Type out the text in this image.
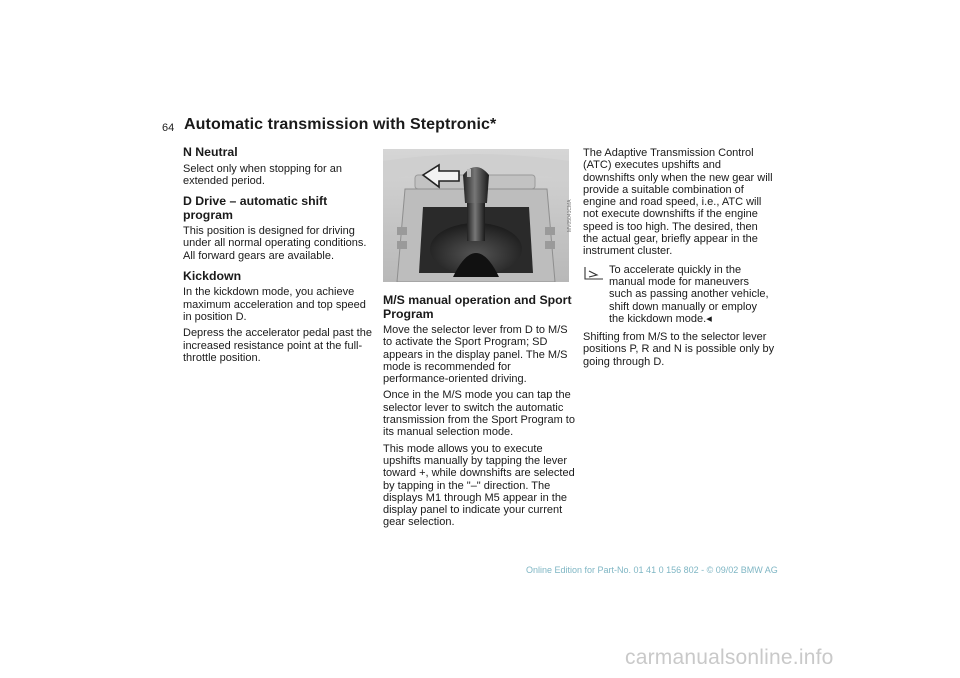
64 Automatic transmission with Steptronic*
N Neutral

Select only when stopping for an extended period.

D Drive – automatic shift program

This position is designed for driving under all normal operating conditions. All forward gears are available.

Kickdown

In the kickdown mode, you achieve maximum acceleration and top speed in position D.

Depress the accelerator pedal past the increased resistance point at the full-throttle position.

MV05041CMA
M/S manual operation and Sport Program

Move the selector lever from D to M/S to activate the Sport Program; SD appears in the display panel. The M/S mode is recommended for performance-oriented driving.

Once in the M/S mode you can tap the selector lever to switch the automatic transmission from the Sport Program to its manual selection mode.

This mode allows you to execute upshifts manually by tapping the lever toward +, while downshifts are selected by tapping in the "–" direction. The displays M1 through M5 appear in the display panel to indicate your current gear selection.

The Adaptive Transmission Control (ATC) executes upshifts and downshifts only when the new gear will provide a suitable combination of engine and road speed, i.e., ATC will not execute downshifts if the engine speed is too high. The desired, then the actual gear, briefly appear in the instrument cluster.

To accelerate quickly in the manual mode for maneuvers such as passing another vehicle, shift down manually or employ the kickdown mode.◂

Shifting from M/S to the selector lever positions P, R and N is possible only by going through D.

Online Edition for Part-No. 01 41 0 156 802 - © 09/02 BMW AG
carmanualsonline.info
